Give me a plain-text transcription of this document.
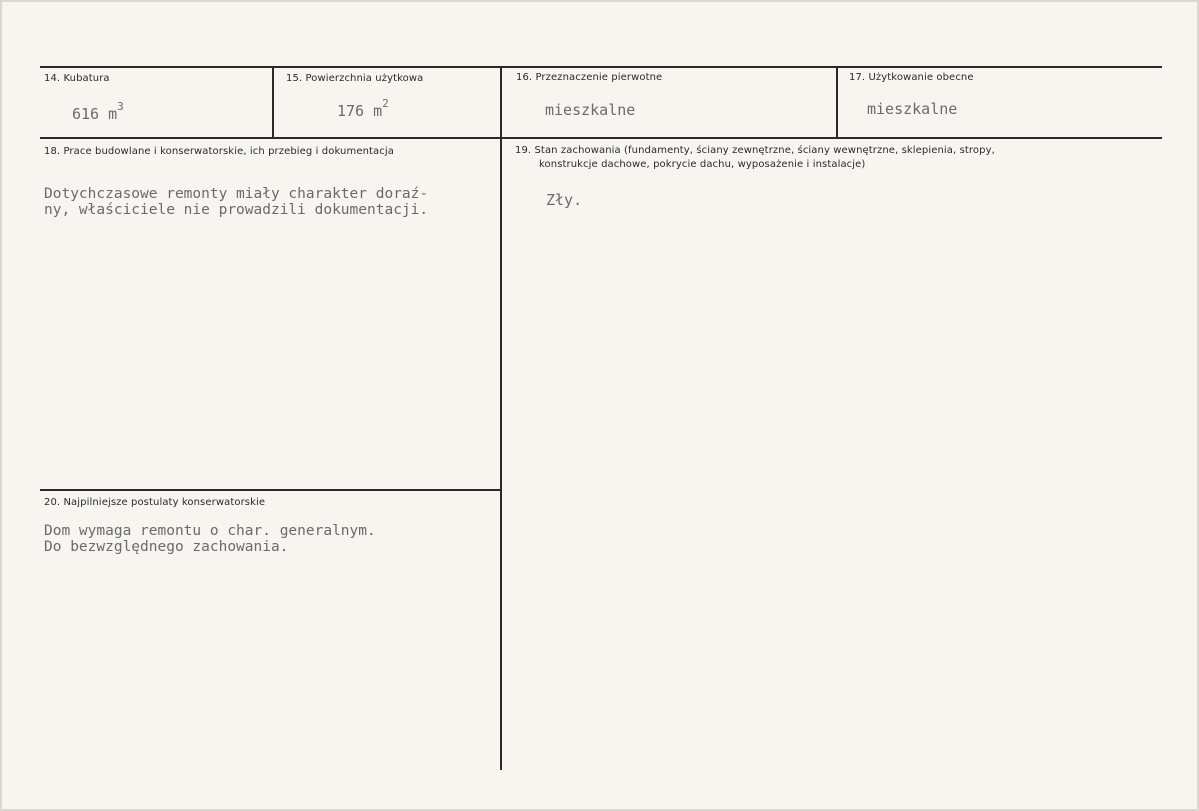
14. Kubatura
616 $m^3$
15. Powierzchnia użytkowa
176 $m^2$
16. Przeznaczenie pierwotne
mieszkalne
17. Użytkowanie obecne
mieszkalne
18. Prace budowlane i konserwatorskie, ich przebieg i dokumentacja
Dotychczasowe remonty miały charakter doraź-
ny, właściciele nie prowadzili dokumentacji.
19. Stan zachowania (fundamenty, ściany zewnętrzne, ściany wewnętrzne, sklepienia, stropy,
konstrukcje dachowe, pokrycie dachu, wyposażenie i instalacje)
Zły.
20. Najpilniejsze postulaty konserwatorskie
Dom wymaga remontu o char. generalnym.
Do bezwzględnego zachowania.
